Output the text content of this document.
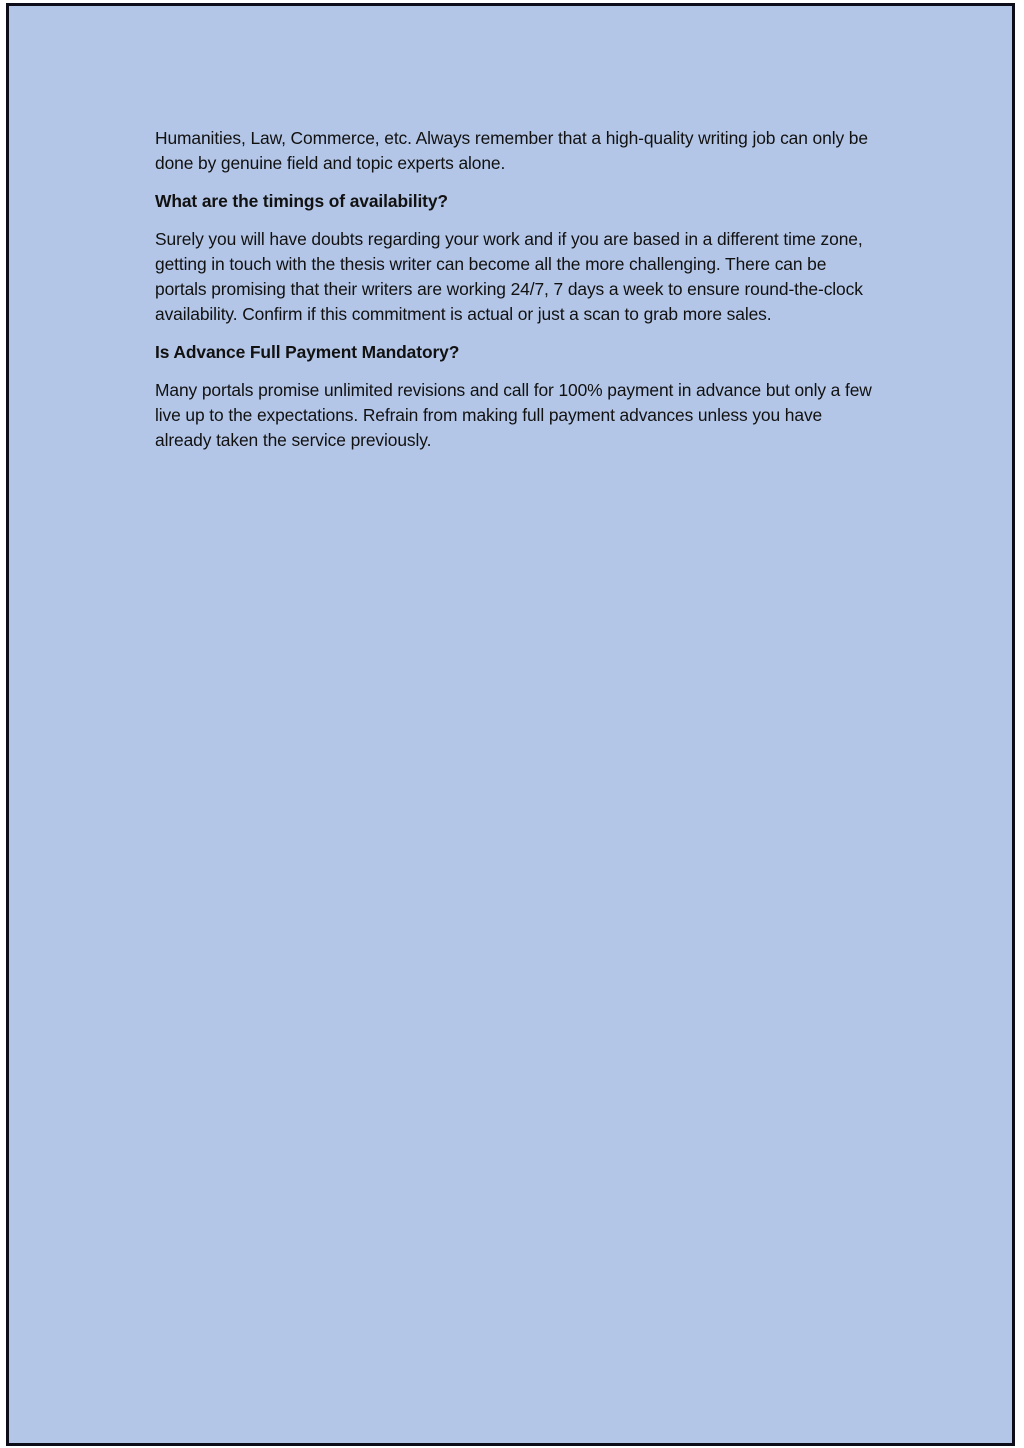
Humanities, Law, Commerce, etc. Always remember that a high-quality writing job can only be done by genuine field and topic experts alone.

What are the timings of availability?

Surely you will have doubts regarding your work and if you are based in a different time zone, getting in touch with the thesis writer can become all the more challenging. There can be portals promising that their writers are working 24/7, 7 days a week to ensure round-the-clock availability. Confirm if this commitment is actual or just a scan to grab more sales.

Is Advance Full Payment Mandatory?

Many portals promise unlimited revisions and call for 100% payment in advance but only a few live up to the expectations. Refrain from making full payment advances unless you have already taken the service previously.
